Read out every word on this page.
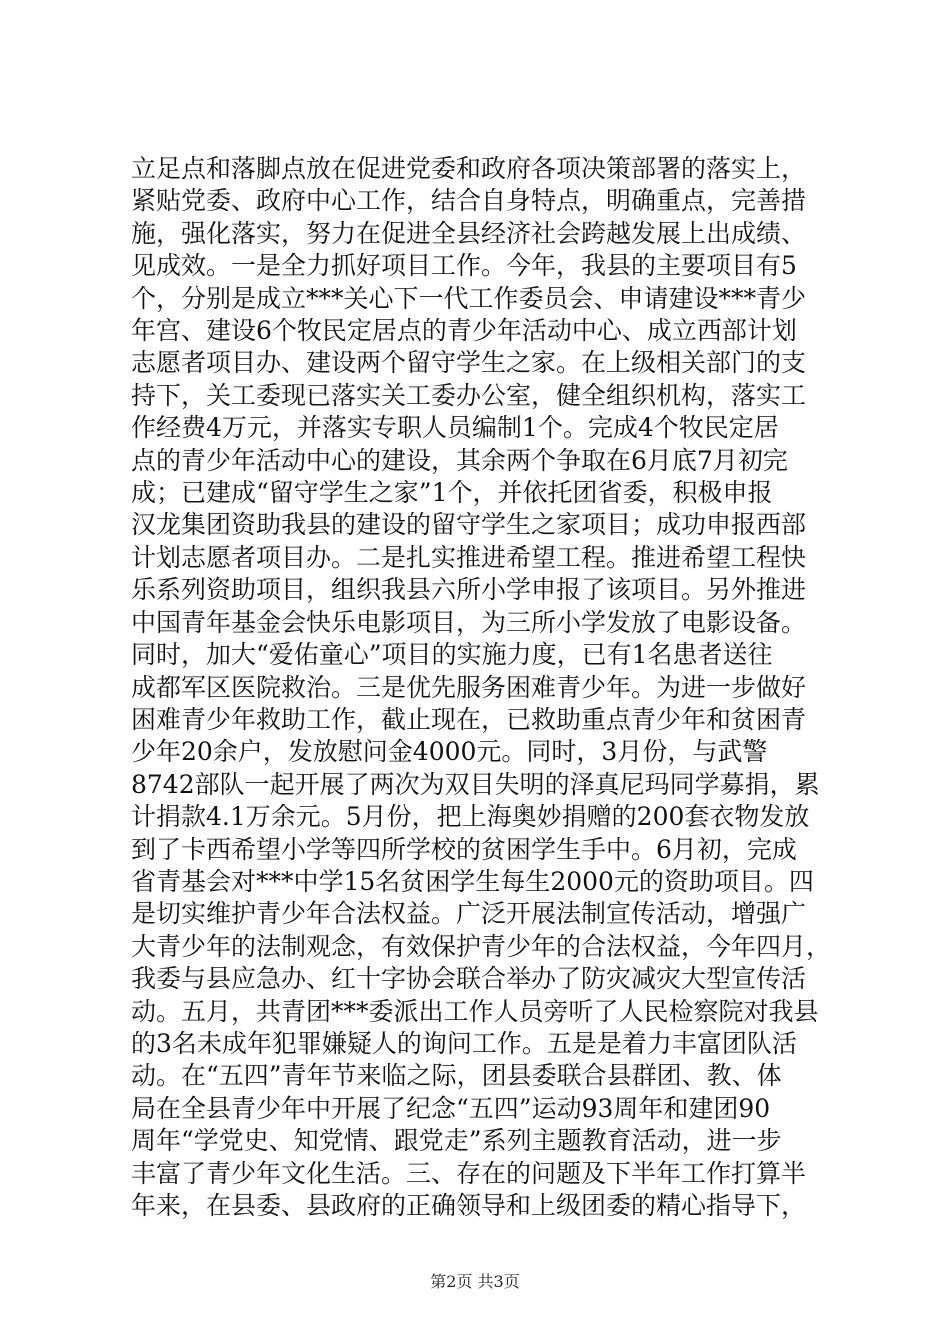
立足点和落脚点放在促进党委和政府各项决策部署的落实上，
紧贴党委、政府中心工作，结合自身特点，明确重点，完善措
施，强化落实，努力在促进全县经济社会跨越发展上出成绩、
见成效。一是全力抓好项目工作。今年，我县的主要项目有5
个，分别是成立***关心下一代工作委员会、申请建设***青少
年宫、建设6个牧民定居点的青少年活动中心、成立西部计划
志愿者项目办、建设两个留守学生之家。在上级相关部门的支
持下，关工委现已落实关工委办公室，健全组织机构，落实工
作经费4万元，并落实专职人员编制1个。完成4个牧民定居
点的青少年活动中心的建设，其余两个争取在6月底7月初完
成；已建成“留守学生之家”1个，并依托团省委，积极申报
汉龙集团资助我县的建设的留守学生之家项目；成功申报西部
计划志愿者项目办。二是扎实推进希望工程。推进希望工程快
乐系列资助项目，组织我县六所小学申报了该项目。另外推进
中国青年基金会快乐电影项目，为三所小学发放了电影设备。
同时，加大“爱佑童心”项目的实施力度，已有1名患者送往
成都军区医院救治。三是优先服务困难青少年。为进一步做好
困难青少年救助工作，截止现在，已救助重点青少年和贫困青
少年20余户，发放慰问金4000元。同时，3月份，与武警
8742部队一起开展了两次为双目失明的泽真尼玛同学募捐，累
计捐款4.1万余元。5月份，把上海奥妙捐赠的200套衣物发放
到了卡西希望小学等四所学校的贫困学生手中。6月初，完成
省青基会对***中学15名贫困学生每生2000元的资助项目。四
是切实维护青少年合法权益。广泛开展法制宣传活动，增强广
大青少年的法制观念，有效保护青少年的合法权益，今年四月，
我委与县应急办、红十字协会联合举办了防灾减灾大型宣传活
动。五月，共青团***委派出工作人员旁听了人民检察院对我县
的3名未成年犯罪嫌疑人的询问工作。五是是着力丰富团队活
动。在“五四”青年节来临之际，团县委联合县群团、教、体
局在全县青少年中开展了纪念“五四”运动93周年和建团90
周年“学党史、知党情、跟党走”系列主题教育活动，进一步
丰富了青少年文化生活。三、存在的问题及下半年工作打算半
年来，在县委、县政府的正确领导和上级团委的精心指导下，
第2页 共3页
